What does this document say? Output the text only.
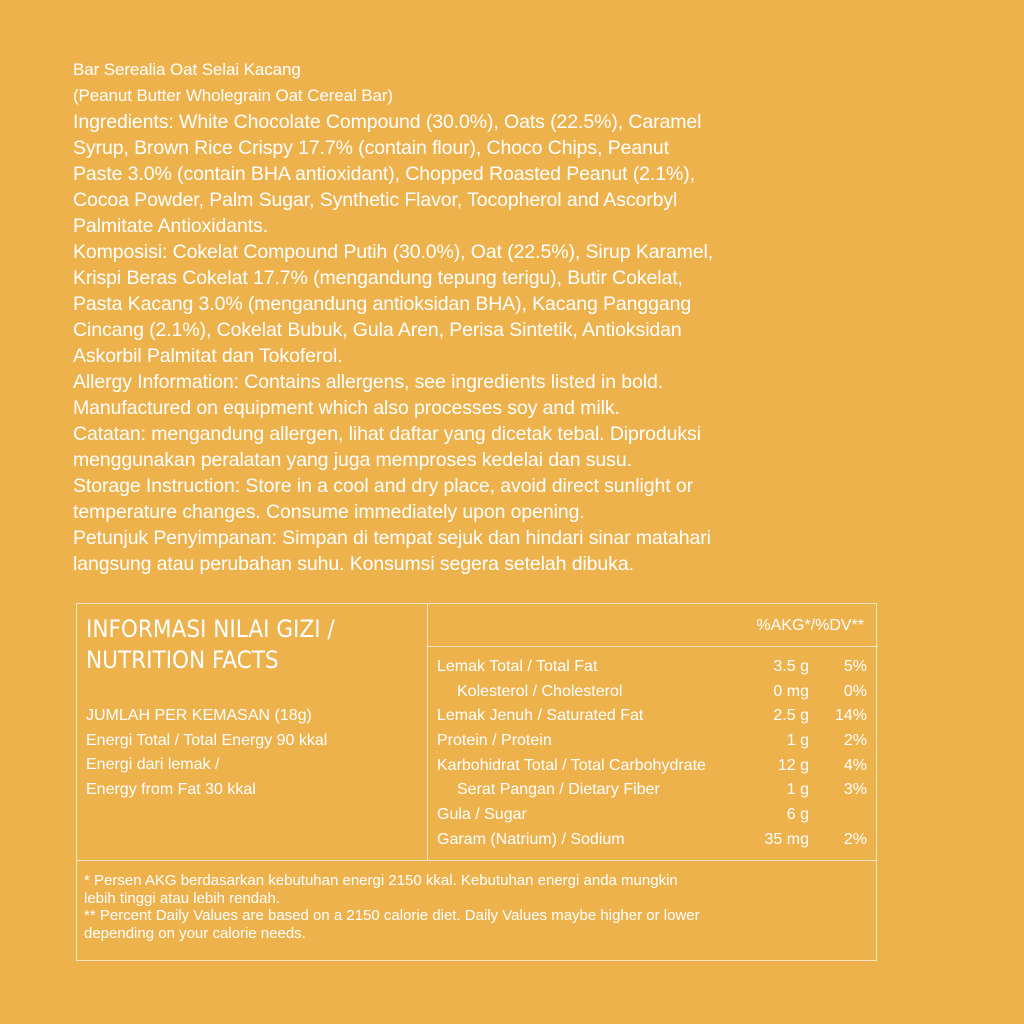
Bar Serealia Oat Selai Kacang

(Peanut Butter Wholegrain Oat Cereal Bar)

Ingredients: White Chocolate Compound (30.0%), Oats (22.5%), Caramel

Syrup, Brown Rice Crispy 17.7% (contain flour), Choco Chips, Peanut

Paste 3.0% (contain BHA antioxidant), Chopped Roasted Peanut (2.1%),

Cocoa Powder, Palm Sugar, Synthetic Flavor, Tocopherol and Ascorbyl

Palmitate Antioxidants.

Komposisi: Cokelat Compound Putih (30.0%), Oat (22.5%), Sirup Karamel,

Krispi Beras Cokelat 17.7% (mengandung tepung terigu), Butir Cokelat,

Pasta Kacang 3.0% (mengandung antioksidan BHA), Kacang Panggang

Cincang (2.1%), Cokelat Bubuk, Gula Aren, Perisa Sintetik, Antioksidan

Askorbil Palmitat dan Tokoferol.

Allergy Information: Contains allergens, see ingredients listed in bold.

Manufactured on equipment which also processes soy and milk.

Catatan: mengandung allergen, lihat daftar yang dicetak tebal. Diproduksi

menggunakan peralatan yang juga memproses kedelai dan susu.

Storage Instruction: Store in a cool and dry place, avoid direct sunlight or

temperature changes. Consume immediately upon opening.

Petunjuk Penyimpanan: Simpan di tempat sejuk dan hindari sinar matahari

langsung atau perubahan suhu. Konsumsi segera setelah dibuka.

INFORMASI NILAI GIZI /
NUTRITION FACTS
JUMLAH PER KEMASAN (18g)
Energi Total / Total Energy 90 kkal
Energi dari lemak /
Energy from Fat 30 kkal
%AKG*/%DV**
Lemak Total / Total Fat	3.5 g 5%
Kolesterol / Cholesterol	0 mg 0%
Lemak Jenuh / Saturated Fat	2.5 g 14%
Protein / Protein	1 g 2%
Karbohidrat Total / Total Carbohydrate	12 g 4%
Serat Pangan / Dietary Fiber	1 g 3%
Gula / Sugar	6 g
Garam (Natrium) / Sodium	35 mg 2%
* Persen AKG berdasarkan kebutuhan energi 2150 kkal. Kebutuhan energi anda mungkin
lebih tinggi atau lebih rendah.
** Percent Daily Values are based on a 2150 calorie diet. Daily Values maybe higher or lower
depending on your calorie needs.
